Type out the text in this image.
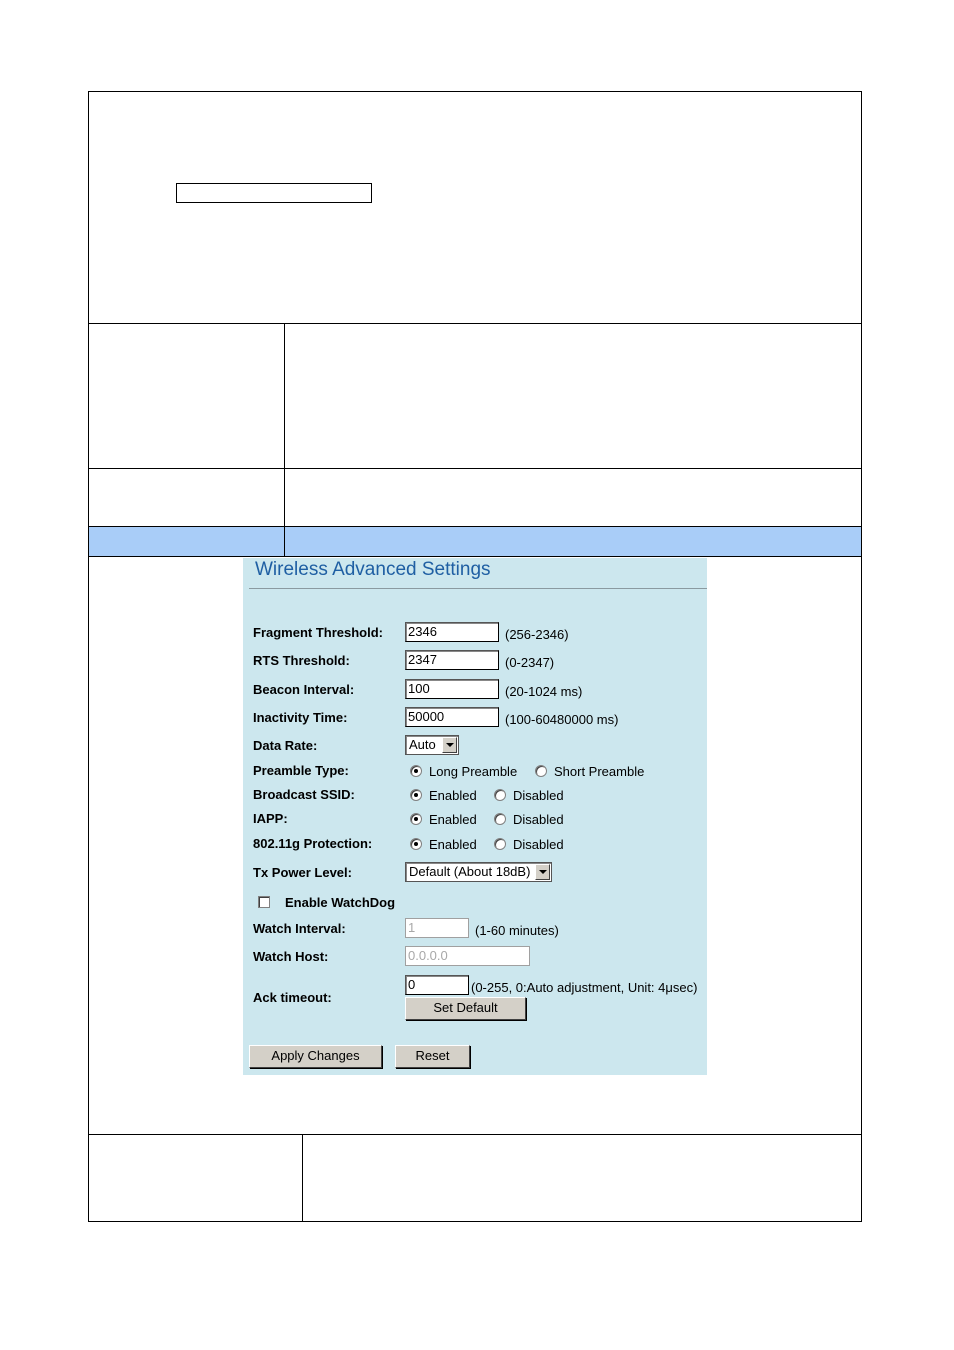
Wireless Advanced Settings
Fragment Threshold: 2346	(256-2346)
RTS Threshold:	2347	(0-2347)
Beacon Interval:	100	(20-1024 ms)
Inactivity Time:	50000	(100-60480000 ms)
Data Rate:	Auto
Preamble Type:	Long Preamble	Short Preamble
Broadcast SSID:	Enabled	Disabled
IAPP:	Enabled	Disabled
802.11g Protection:	Enabled	Disabled
Tx Power Level:	Default (About 18dB)
Enable WatchDog
Watch Interval:	1	(1-60 minutes)
Watch Host:	0.0.0.0
Ack timeout:
0	(0-255, 0:Auto adjustment, Unit: 4μsec)
Set Default
Apply Changes	Reset
